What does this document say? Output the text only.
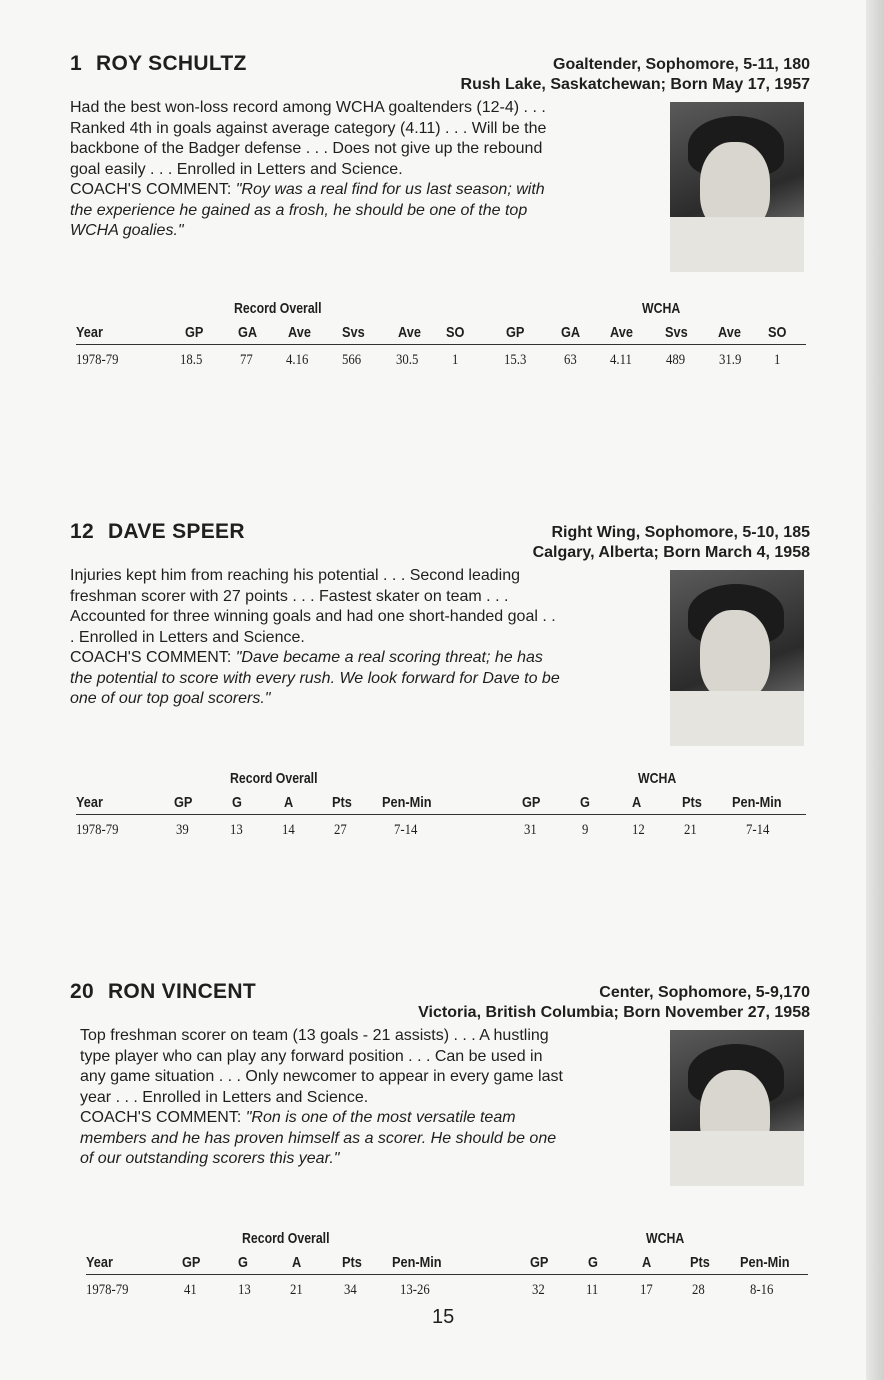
1 ROY SCHULTZ	Goaltender, Sophomore, 5-11, 180
Rush Lake, Saskatchewan; Born May 17, 1957
Had the best won-loss record among WCHA goaltenders (12-4) . . . Ranked 4th in goals against average category (4.11) . . . Will be the backbone of the Badger defense . . . Does not give up the rebound goal easily . . . Enrolled in Letters and Science.
COACH'S COMMENT: "Roy was a real find for us last season; with the experience he gained as a frosh, he should be one of the top WCHA goalies."
Record Overall	WCHA
Year	GP GA Ave Svs Ave SO	GP GA Ave Svs Ave SO
1978-79	18.5	77 4.16 566 30.5 1	15.3	63 4.11 489 31.9 1
12 DAVE SPEER	Right Wing, Sophomore, 5-10, 185
Calgary, Alberta; Born March 4, 1958
Injuries kept him from reaching his potential . . . Second leading freshman scorer with 27 points . . . Fastest skater on team . . . Accounted for three winning goals and had one short-handed goal . . . Enrolled in Letters and Science.
COACH'S COMMENT: "Dave became a real scoring threat; he has the potential to score with every rush. We look forward for Dave to be one of our top goal scorers."
Record Overall	WCHA
Year	GP	G	A	Pts Pen-Min	GP	G	A	Pts Pen-Min
1978-79	39	13	14	27	7-14	31	9	12	21	7-14
20 RON VINCENT	Center, Sophomore, 5-9,170
Victoria, British Columbia; Born November 27, 1958
Top freshman scorer on team (13 goals - 21 assists) . . . A hustling type player who can play any forward position . . . Can be used in any game situation . . . Only newcomer to appear in every game last year . . . Enrolled in Letters and Science.
COACH'S COMMENT: "Ron is one of the most versatile team members and he has proven himself as a scorer. He should be one of our outstanding scorers this year."
Record Overall	WCHA
Year	GP	G	A	Pts Pen-Min	GP	G	A	Pts Pen-Min
1978-79	41	13	21	34	13-26	32	11	17	28	8-16
15
